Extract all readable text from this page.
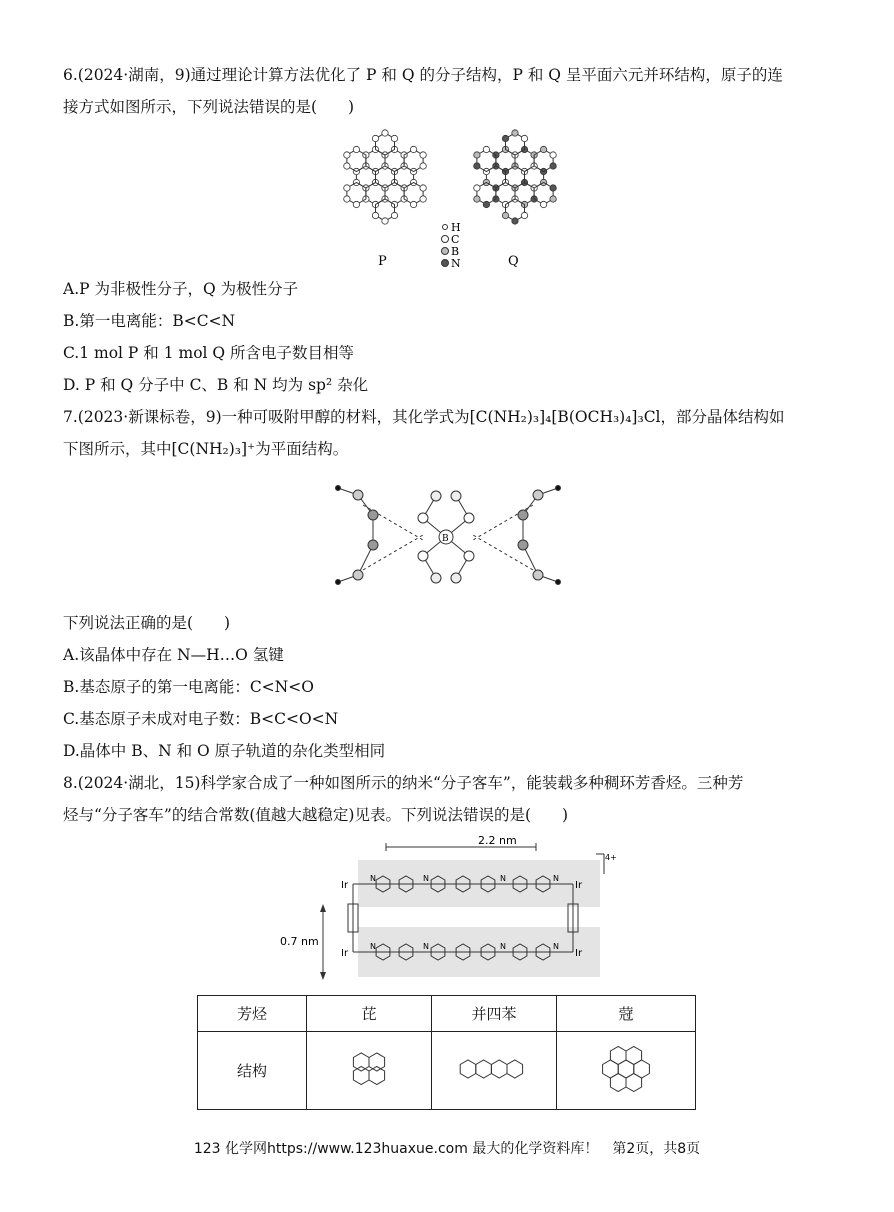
6.(2024·湖南，9)通过理论计算方法优化了 P 和 Q 的分子结构，P 和 Q 呈平面六元并环结构，原子的连
接方式如图所示，下列说法错误的是(　　)
H
C
B
N
P	Q
A.P 为非极性分子，Q 为极性分子
B.第一电离能：B<C<N
C.1 mol P 和 1 mol Q 所含电子数目相等
D. P 和 Q 分子中 C、B 和 N 均为 sp² 杂化
7.(2023·新课标卷，9)一种可吸附甲醇的材料，其化学式为[C(NH₂)₃]₄[B(OCH₃)₄]₃Cl，部分晶体结构如
下图所示，其中[C(NH₂)₃]⁺为平面结构。
B
下列说法正确的是(　　)
A.该晶体中存在 N—H…O 氢键
B.基态原子的第一电离能：C<N<O
C.基态原子未成对电子数：B<C<O<N
D.晶体中 B、N 和 O 原子轨道的杂化类型相同
8.(2024·湖北，15)科学家合成了一种如图所示的纳米“分子客车”，能装载多种稠环芳香烃。三种芳
烃与“分子客车”的结合常数(值越大越稳定)见表。下列说法错误的是(　　)
2.2 nm
4+
0.7 nm
Ir
Ir
Ir
Ir
N	N	N	N
N	N	N	N
芳烃	芘	并四苯	蒄
结构			
123 化学网https://www.123huaxue.com 最大的化学资料库！　第2页，共8页
